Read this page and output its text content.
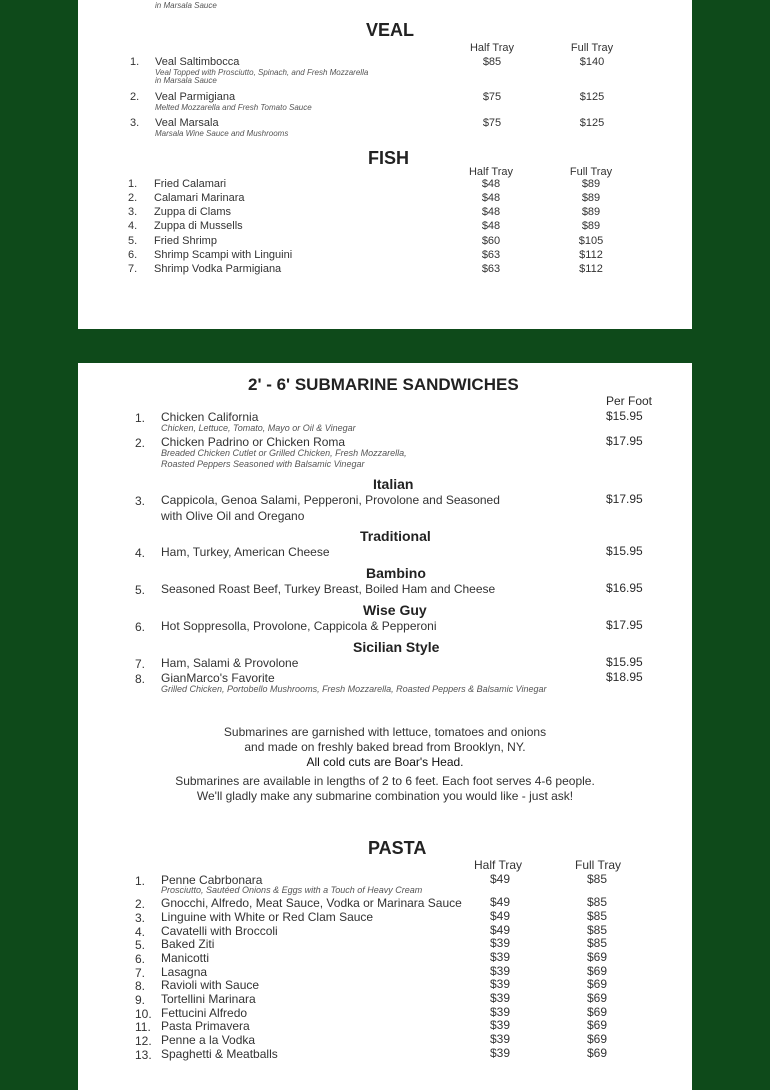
in Marsala Sauce
VEAL
Half Tray	Full Tray
1. Veal Saltimbocca
Veal Topped with Prosciutto, Spinach, and Fresh Mozzarella
in Marsala Sauce
$85	$140
2. Veal Parmigiana
Melted Mozzarella and Fresh Tomato Sauce
$75	$125
3. Veal Marsala
Marsala Wine Sauce and Mushrooms
$75	$125
FISH
Half Tray	Full Tray
1. Fried Calamari	$48	$89
2. Calamari Marinara	$48	$89
3. Zuppa di Clams	$48	$89
4. Zuppa di Mussells	$48	$89
5. Fried Shrimp	$60	$105
6. Shrimp Scampi with Linguini	$63	$112
7. Shrimp Vodka Parmigiana	$63	$112
2' - 6' SUBMARINE SANDWICHES
Per Foot
1. Chicken California
Chicken, Lettuce, Tomato, Mayo or Oil & Vinegar
$15.95
2. Chicken Padrino or Chicken Roma
Breaded Chicken Cutlet or Grilled Chicken, Fresh Mozzarella,
Roasted Peppers Seasoned with Balsamic Vinegar
$17.95
Italian
3. Cappicola, Genoa Salami, Pepperoni, Provolone and Seasoned
with Olive Oil and Oregano
$17.95
Traditional
4. Ham, Turkey, American Cheese	$15.95
Bambino
5. Seasoned Roast Beef, Turkey Breast, Boiled Ham and Cheese	$16.95
Wise Guy
6. Hot Soppresolla, Provolone, Cappicola & Pepperoni	$17.95
Sicilian Style
7. Ham, Salami & Provolone	$15.95
8. GianMarco's Favorite
Grilled Chicken, Portobello Mushrooms, Fresh Mozzarella, Roasted Peppers & Balsamic Vinegar
$18.95
Submarines are garnished with lettuce, tomatoes and onions
and made on freshly baked bread from Brooklyn, NY.
All cold cuts are Boar's Head.
Submarines are available in lengths of 2 to 6 feet. Each foot serves 4-6 people.
We'll gladly make any submarine combination you would like - just ask!
PASTA
Half Tray	Full Tray
1. Penne Cabrbonara
Prosciutto, Sautéed Onions & Eggs with a Touch of Heavy Cream
$49	$85
2. Gnocchi, Alfredo, Meat Sauce, Vodka or Marinara Sauce	$49	$85
3. Linguine with White or Red Clam Sauce	$49	$85
4. Cavatelli with Broccoli	$49	$85
5. Baked Ziti	$39	$85
6. Manicotti	$39	$69
7. Lasagna	$39	$69
8. Ravioli with Sauce	$39	$69
9. Tortellini Marinara	$39	$69
10. Fettucini Alfredo	$39	$69
11. Pasta Primavera	$39	$69
12. Penne a la Vodka	$39	$69
13. Spaghetti & Meatballs	$39	$69
